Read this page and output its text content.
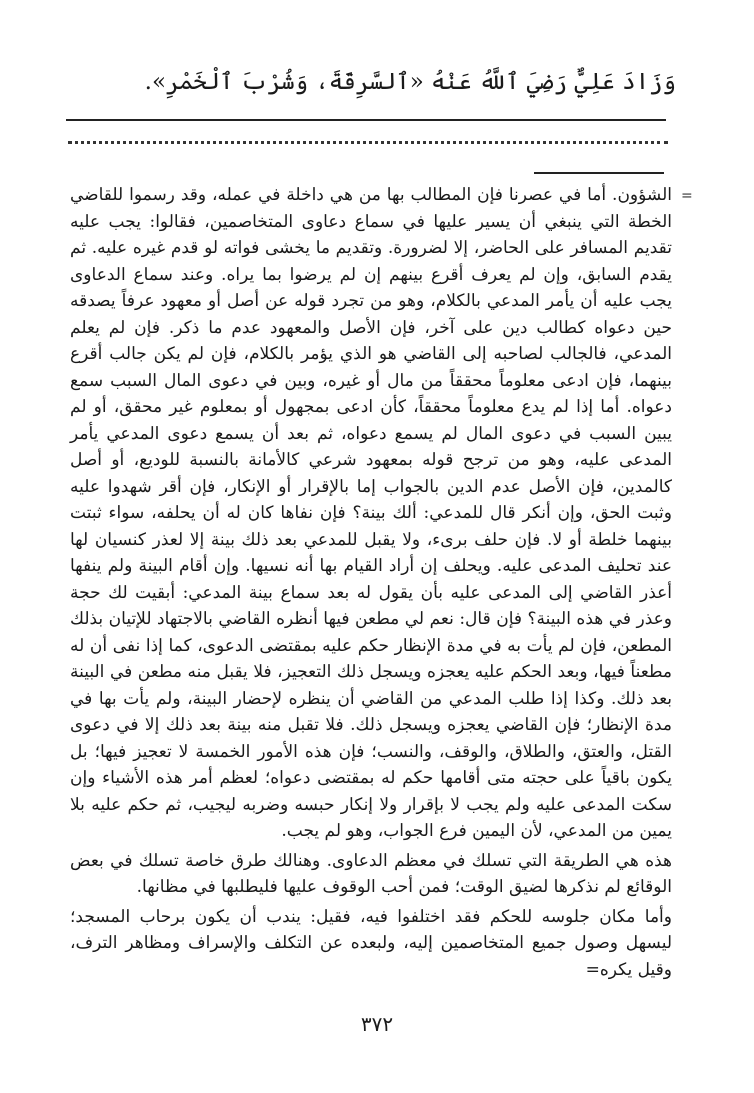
وَزَادَ عَلِيٌّ رَضِيَ ٱللَّهُ عَنْهُ «ٱلسَّرِقَةَ، وَشُرْبَ ٱلْخَمْرِ».
=

الشؤون. أما في عصرنا فإن المطالب بها من هي داخلة في عمله، وقد رسموا للقاضي الخطة التي ينبغي أن يسير عليها في سماع دعاوى المتخاصمين، فقالوا: يجب عليه تقديم المسافر على الحاضر، إلا لضرورة. وتقديم ما يخشى فواته لو قدم غيره عليه. ثم يقدم السابق، وإن لم يعرف أقرع بينهم إن لم يرضوا بما يراه. وعند سماع الدعاوى يجب عليه أن يأمر المدعي بالكلام، وهو من تجرد قوله عن أصل أو معهود عرفاً يصدقه حين دعواه كطالب دين على آخر، فإن الأصل والمعهود عدم ما ذكر. فإن لم يعلم المدعي، فالجالب لصاحبه إلى القاضي هو الذي يؤمر بالكلام، فإن لم يكن جالب أقرع بينهما، فإن ادعى معلوماً محققاً من مال أو غيره، وبين في دعوى المال السبب سمع دعواه. أما إذا لم يدع معلوماً محققاً، كأن ادعى بمجهول أو بمعلوم غير محقق، أو لم يبين السبب في دعوى المال لم يسمع دعواه، ثم بعد أن يسمع دعوى المدعي يأمر المدعى عليه، وهو من ترجح قوله بمعهود شرعي كالأمانة بالنسبة للوديع، أو أصل كالمدين، فإن الأصل عدم الدين بالجواب إما بالإقرار أو الإنكار، فإن أقر شهدوا عليه وثبت الحق، وإن أنكر قال للمدعي: ألك بينة؟ فإن نفاها كان له أن يحلفه، سواء ثبتت بينهما خلطة أو لا. فإن حلف برىء، ولا يقبل للمدعي بعد ذلك بينة إلا لعذر كنسيان لها عند تحليف المدعى عليه. ويحلف إن أراد القيام بها أنه نسيها. وإن أقام البينة ولم ينفها أعذر القاضي إلى المدعى عليه بأن يقول له بعد سماع بينة المدعي: أبقيت لك حجة وعذر في هذه البينة؟ فإن قال: نعم لي مطعن فيها أنظره القاضي بالاجتهاد للإتيان بذلك المطعن، فإن لم يأت به في مدة الإنظار حكم عليه بمقتضى الدعوى، كما إذا نفى أن له مطعناً فيها، وبعد الحكم عليه يعجزه ويسجل ذلك التعجيز، فلا يقبل منه مطعن في البينة بعد ذلك. وكذا إذا طلب المدعي من القاضي أن ينظره لإحضار البينة، ولم يأت بها في مدة الإنظار؛ فإن القاضي يعجزه ويسجل ذلك. فلا تقبل منه بينة بعد ذلك إلا في دعوى القتل، والعتق، والطلاق، والوقف، والنسب؛ فإن هذه الأمور الخمسة لا تعجيز فيها؛ بل يكون باقياً على حجته متى أقامها حكم له بمقتضى دعواه؛ لعظم أمر هذه الأشياء وإن سكت المدعى عليه ولم يجب لا بإقرار ولا إنكار حبسه وضربه ليجيب، ثم حكم عليه بلا يمين من المدعي، لأن اليمين فرع الجواب، وهو لم يجب.

هذه هي الطريقة التي تسلك في معظم الدعاوى. وهنالك طرق خاصة تسلك في بعض الوقائع لم نذكرها لضيق الوقت؛ فمن أحب الوقوف عليها فليطلبها في مظانها.

وأما مكان جلوسه للحكم فقد اختلفوا فيه، فقيل: يندب أن يكون برحاب المسجد؛ ليسهل وصول جميع المتخاصمين إليه، ولبعده عن التكلف والإسراف ومظاهر الترف، وقيل يكره=

٣٧٢
